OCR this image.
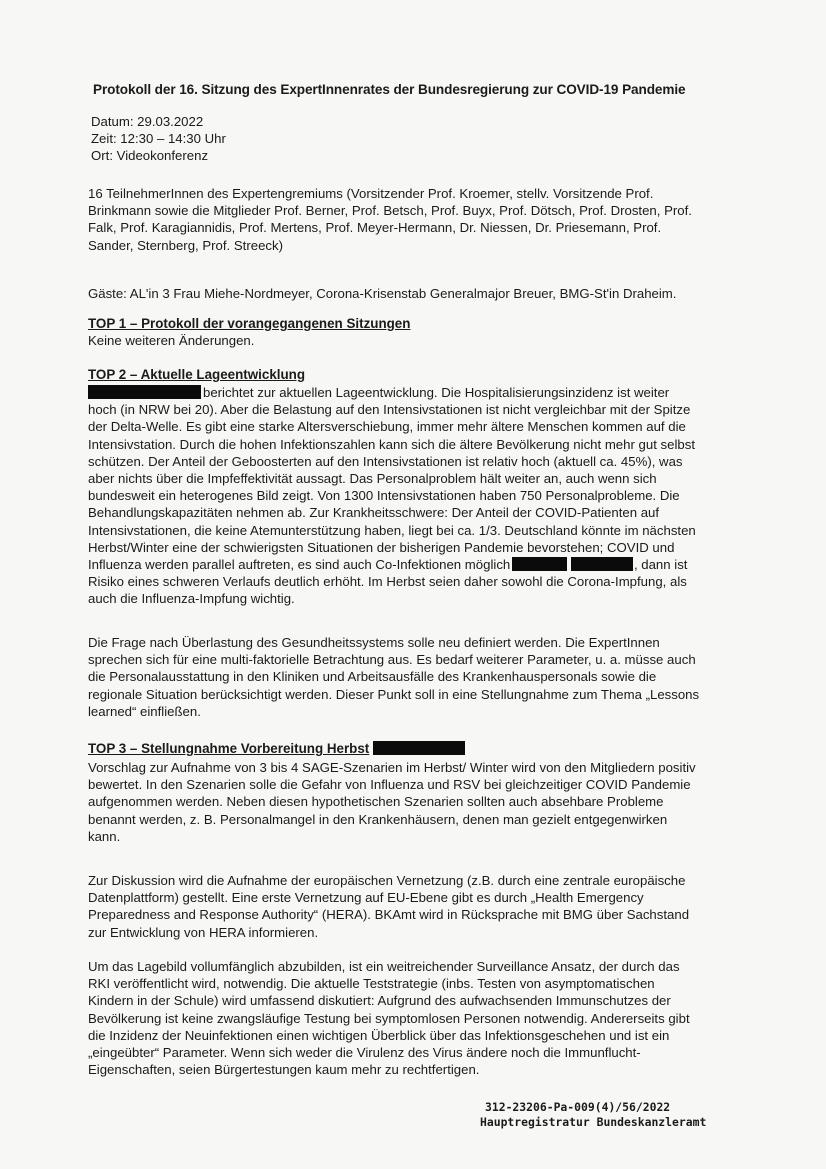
Protokoll der 16. Sitzung des ExpertInnenrates der Bundesregierung zur COVID-19 Pandemie
Datum: 29.03.2022
Zeit: 12:30 – 14:30 Uhr
Ort: Videokonferenz
16 TeilnehmerInnen des Expertengremiums (Vorsitzender Prof. Kroemer, stellv. Vorsitzende Prof. Brinkmann sowie die Mitglieder Prof. Berner, Prof. Betsch, Prof. Buyx, Prof. Dötsch, Prof. Drosten, Prof. Falk, Prof. Karagiannidis, Prof. Mertens, Prof. Meyer-Hermann, Dr. Niessen, Dr. Priesemann, Prof. Sander, Sternberg, Prof. Streeck)
Gäste: AL'in 3 Frau Miehe-Nordmeyer, Corona-Krisenstab Generalmajor Breuer, BMG-St'in Draheim.
TOP 1 – Protokoll der vorangegangenen Sitzungen
Keine weiteren Änderungen.
TOP 2 – Aktuelle Lageentwicklung
berichtet zur aktuellen Lageentwicklung. Die Hospitalisierungsinzidenz ist weiter hoch (in NRW bei 20). Aber die Belastung auf den Intensivstationen ist nicht vergleichbar mit der Spitze der Delta-Welle. Es gibt eine starke Altersverschiebung, immer mehr ältere Menschen kommen auf die Intensivstation. Durch die hohen Infektionszahlen kann sich die ältere Bevölkerung nicht mehr gut selbst schützen. Der Anteil der Geboosterten auf den Intensivstationen ist relativ hoch (aktuell ca. 45%), was aber nichts über die Impfeffektivität aussagt. Das Personalproblem hält weiter an, auch wenn sich bundesweit ein heterogenes Bild zeigt. Von 1300 Intensivstationen haben 750 Personalprobleme. Die Behandlungskapazitäten nehmen ab. Zur Krankheitsschwere: Der Anteil der COVID-Patienten auf Intensivstationen, die keine Atemunterstützung haben, liegt bei ca. 1/3. Deutschland könnte im nächsten Herbst/Winter eine der schwierigsten Situationen der bisherigen Pandemie bevorstehen; COVID und Influenza werden parallel auftreten, es sind auch Co-Infektionen möglich	, dann ist Risiko eines schweren Verlaufs deutlich erhöht. Im Herbst seien daher sowohl die Corona-Impfung, als auch die Influenza-Impfung wichtig.
Die Frage nach Überlastung des Gesundheitssystems solle neu definiert werden. Die ExpertInnen sprechen sich für eine multi-faktorielle Betrachtung aus. Es bedarf weiterer Parameter, u. a. müsse auch die Personalausstattung in den Kliniken und Arbeitsausfälle des Krankenhauspersonals sowie die regionale Situation berücksichtigt werden. Dieser Punkt soll in eine Stellungnahme zum Thema „Lessons learned“ einfließen.
TOP 3 – Stellungnahme Vorbereitung Herbst
Vorschlag zur Aufnahme von 3 bis 4 SAGE-Szenarien im Herbst/ Winter wird von den Mitgliedern positiv bewertet. In den Szenarien solle die Gefahr von Influenza und RSV bei gleichzeitiger COVID Pandemie aufgenommen werden. Neben diesen hypothetischen Szenarien sollten auch absehbare Probleme benannt werden, z. B. Personalmangel in den Krankenhäusern, denen man gezielt entgegenwirken kann.
Zur Diskussion wird die Aufnahme der europäischen Vernetzung (z.B. durch eine zentrale europäische Datenplattform) gestellt. Eine erste Vernetzung auf EU-Ebene gibt es durch „Health Emergency Preparedness and Response Authority“ (HERA). BKAmt wird in Rücksprache mit BMG über Sachstand zur Entwicklung von HERA informieren.
Um das Lagebild vollumfänglich abzubilden, ist ein weitreichender Surveillance Ansatz, der durch das RKI veröffentlicht wird, notwendig. Die aktuelle Teststrategie (inbs. Testen von asymptomatischen Kindern in der Schule) wird umfassend diskutiert: Aufgrund des aufwachsenden Immunschutzes der Bevölkerung ist keine zwangsläufige Testung bei symptomlosen Personen notwendig. Andererseits gibt die Inzidenz der Neuinfektionen einen wichtigen Überblick über das Infektionsgeschehen und ist ein „eingeübter“ Parameter. Wenn sich weder die Virulenz des Virus ändere noch die Immunflucht-Eigenschaften, seien Bürgertestungen kaum mehr zu rechtfertigen.
312-23206-Pa-009(4)/56/2022
Hauptregistratur Bundeskanzleramt
